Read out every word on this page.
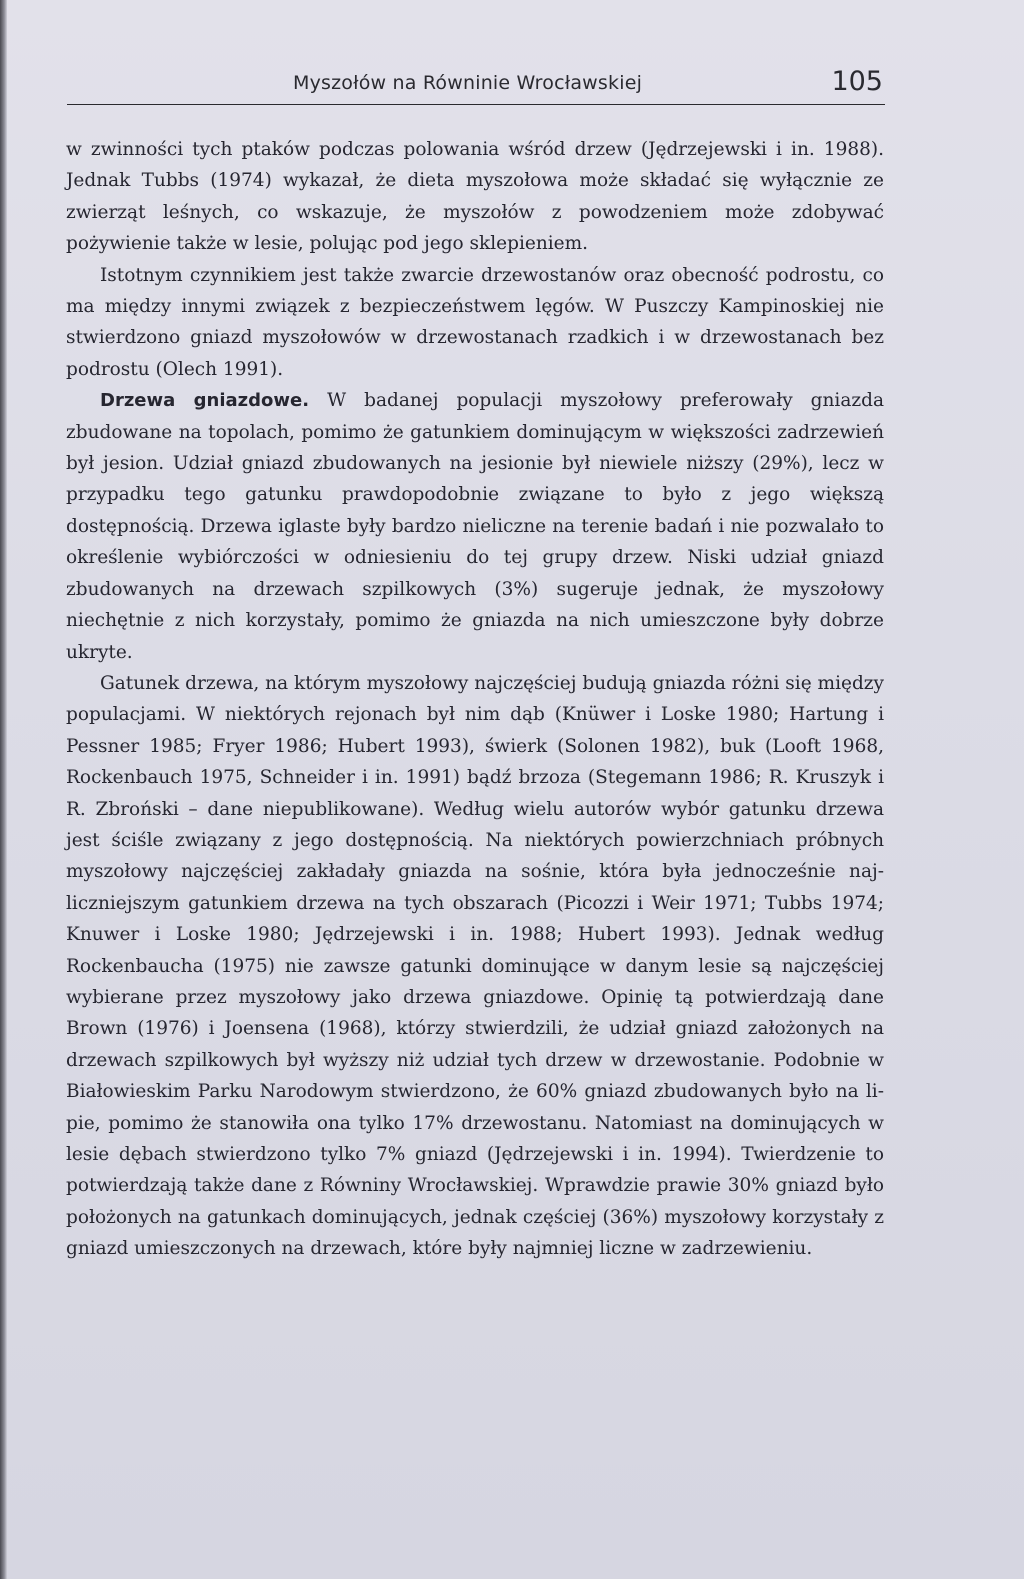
Myszołów na Równinie Wrocławskiej	105

w zwinności tych ptaków podczas polowania wśród drzew (Jędrzejewski i in. 1988). Jednak Tubbs (1974) wykazał, że dieta myszołowa może składać się wyłącznie ze zwierząt leśnych, co wskazuje, że myszołów z powodzeniem może zdobywać pożywienie także w lesie, polując pod jego sklepieniem.

Istotnym czynnikiem jest także zwarcie drzewostanów oraz obecność podrostu, co ma między innymi związek z bezpieczeństwem lęgów. W Puszczy Kampinoskiej nie stwierdzono gniazd myszołowów w drzewostanach rzadkich i w drzewostanach bez podrostu (Olech 1991).

Drzewa gniazdowe. W badanej populacji myszołowy preferowały gniazda zbudowane na topolach, pomimo że gatunkiem dominującym w większości zadrzewień był jesion. Udział gniazd zbudowanych na jesionie był niewiele niższy (29%), lecz w przypadku tego gatunku prawdopodobnie związane to było z jego większą dostępnością. Drzewa iglaste były bardzo nieliczne na terenie badań i nie pozwalało to określenie wybiórczości w odniesieniu do tej grupy drzew. Niski udział gniazd zbudowanych na drzewach szpilkowych (3%) sugeruje jednak, że myszołowy niechętnie z nich korzystały, pomimo że gniazda na nich umieszczone były dobrze ukryte.

Gatunek drzewa, na którym myszołowy najczęściej budują gniazda różni się między populacjami. W niektórych rejonach był nim dąb (Knüwer i Loske 1980; Hartung i Pessner 1985; Fryer 1986; Hubert 1993), świerk (Solonen 1982), buk (Looft 1968, Rockenbauch 1975, Schneider i in. 1991) bądź brzoza (Stegemann 1986; R. Kruszyk i R. Zbroński – dane niepublikowane). Według wielu autorów wybór gatunku drzewa jest ściśle związany z jego dostępnością. Na niektórych powierzchniach próbnych myszołowy najczęściej zakładały gniazda na sośnie, która była jednocześnie najliczniejszym gatunkiem drzewa na tych obszarach (Picozzi i Weir 1971; Tubbs 1974; Knuwer i Loske 1980; Jędrzejewski i in. 1988; Hubert 1993). Jednak według Rockenbaucha (1975) nie zawsze gatunki dominujące w danym lesie są najczęściej wybierane przez myszołowy jako drzewa gniazdowe. Opinię tą potwierdzają dane Brown (1976) i Joensena (1968), którzy stwierdzili, że udział gniazd założonych na drzewach szpilkowych był wyższy niż udział tych drzew w drzewostanie. Podobnie w Białowieskim Parku Narodowym stwierdzono, że 60% gniazd zbudowanych było na lipie, pomimo że stanowiła ona tylko 17% drzewostanu. Natomiast na dominujących w lesie dębach stwierdzono tylko 7% gniazd (Jędrzejewski i in. 1994). Twierdzenie to potwierdzają także dane z Równiny Wrocławskiej. Wprawdzie prawie 30% gniazd było położonych na gatunkach dominujących, jednak częściej (36%) myszołowy korzystały z gniazd umieszczonych na drzewach, które były najmniej liczne w zadrzewieniu.
